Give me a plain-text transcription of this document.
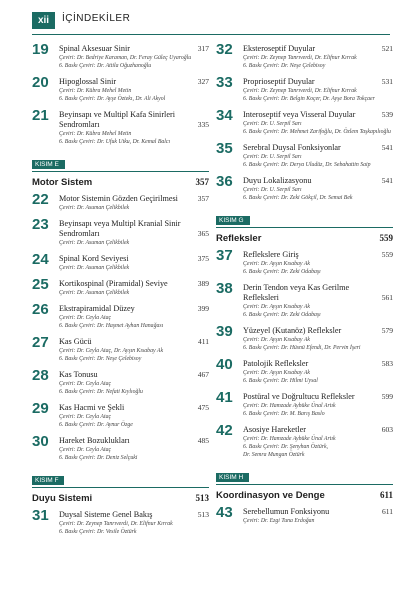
xii	İÇİNDEKİLER
19	Spinal Aksesuar Sinir	317
Çeviri: Dr. Bedriye Karaman, Dr. Feray Güleç Uyaroğlu
6. Baskı Çeviri: Dr. Attila Oğuzhanoğlu
20	Hipoglossal Sinir	327
Çeviri: Dr. Kübra Mehel Metin
6. Baskı Çeviri: Dr. Ayşe Öztekı, Dr. Ali Akyol
21	Beyinsapı ve Multipl Kafa Sinirleri Sendromları	335
Çeviri: Dr. Kübra Mehel Metin
6. Baskı Çeviri: Dr. Ufuk Utku, Dr. Kemal Balcı
KISIM E
Motor Sistem	357
22	Motor Sistemin Gözden Geçirilmesi	357
Çeviri: Dr. Asuman Çelikbilek
23	Beyinsapı veya Multipl Kranial Sinir Sendromları	365
Çeviri: Dr. Asuman Çelikbilek
24	Spinal Kord Seviyesi	375
Çeviri: Dr. Asuman Çelikbilek
25	Kortikospinal (Piramidal) Seviye	389
Çeviri: Dr. Asuman Çelikbilek
26	Ekstrapiramidal Düzey	399
Çeviri: Dr. Ceyla Ataç
6. Baskı Çeviri: Dr. Haşmet Ayhan Hanağası
27	Kas Gücü	411
Çeviri: Dr. Ceyla Ataç, Dr. Ayşın Kısabay Ak
6. Baskı Çeviri: Dr. Neşe Çelebisoy
28	Kas Tonusu	467
Çeviri: Dr. Ceyla Ataç
6. Baskı Çeviri: Dr. Nefati Kıylıoğlu
29	Kas Hacmi ve Şekli	475
Çeviri: Dr. Ceyla Ataç
6. Baskı Çeviri: Dr. Aynur Özge
30	Hareket Bozuklukları	485
Çeviri: Dr. Ceyla Ataç
6. Baskı Çeviri: Dr. Deniz Selçuki
KISIM F
Duyu Sistemi	513
31	Duysal Sisteme Genel Bakış	513
Çeviri: Dr. Zeynep Tanrıverdi, Dr. Elifnur Kırrak
6. Baskı Çeviri: Dr. Vesile Öztürk
32	Eksteroseptif Duyular	521
Çeviri: Dr. Zeynep Tanrıverdi, Dr. Elifnur Kırrak
6. Baskı Çeviri: Dr. Neşe Çelebisoy
33	Proprioseptif Duyular	531
Çeviri: Dr. Zeynep Tanrıverdi, Dr. Elifnur Kırrak
6. Baskı Çeviri: Dr. Belgin Koçer, Dr. Ayşe Bora Tokçaer
34	Interoseptif veya Visseral Duyular	539
Çeviri: Dr. U. Serpil Sarı
6. Baskı Çeviri: Dr. Mehmet Zarifoğlu, Dr. Özlem Taşkapılıoğlu
35	Serebral Duysal Fonksiyonlar	541
Çeviri: Dr. U. Serpil Sarı
6. Baskı Çeviri: Dr. Derya Uludüz, Dr. Sebahattin Saip
36	Duyu Lokalizasyonu	541
Çeviri: Dr. U. Serpil Sarı
6. Baskı Çeviri: Dr. Zeki Gökçil, Dr. Semai Bek
KISIM G
Refleksler	559
37	Reflekslere Giriş	559
Çeviri: Dr. Ayşın Kısabay Ak
6. Baskı Çeviri: Dr. Zeki Odabaşı
38	Derin Tendon veya Kas Gerilme Refleksleri	561
Çeviri: Dr. Ayşın Kısabay Ak
6. Baskı Çeviri: Dr. Zeki Odabaşı
39	Yüzeyel (Kutanöz) Refleksler	579
Çeviri: Dr. Ayşın Kısabay Ak
6. Baskı Çeviri: Dr. Hüsnü Efendi, Dr. Pervin İşeri
40	Patolojik Refleksler	583
Çeviri: Dr. Ayşın Kısabay Ak
6. Baskı Çeviri: Dr. Hilmi Uysal
41	Postüral ve Doğrultucu Refleksler	599
Çeviri: Dr. Hamzade Aybüke Ünal Artık
6. Baskı Çeviri: Dr. M. Barış Baslo
42	Asosiye Hareketler	603
Çeviri: Dr. Hamzade Aybüke Ünal Artık
6. Baskı Çeviri: Dr. Şenyhan Öztürk,
Dr. Semra Mungan Öztürk
KISIM H
Koordinasyon ve Denge	611
43	Serebellumun Fonksiyonu	611
Çeviri: Dr. Ezgi Tuna Erdoğan
